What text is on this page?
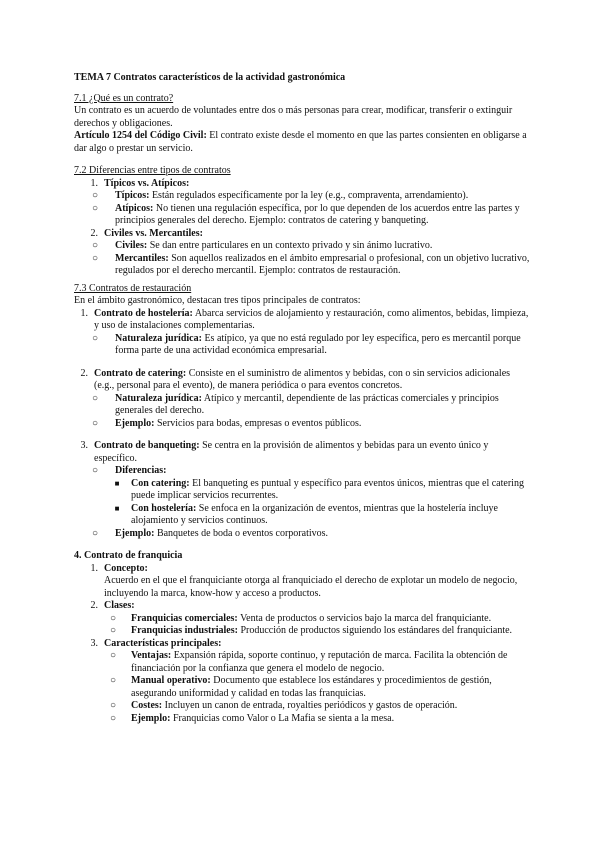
TEMA 7 Contratos característicos de la actividad gastronómica

7.1 ¿Qué es un contrato?

Un contrato es un acuerdo de voluntades entre dos o más personas para crear, modificar, transferir o extinguir derechos y obligaciones.

Artículo 1254 del Código Civil: El contrato existe desde el momento en que las partes consienten en obligarse a dar algo o prestar un servicio.

7.2 Diferencias entre tipos de contratos

1. Típicos vs. Atípicos:
○ Típicos: Están regulados específicamente por la ley (e.g., compraventa, arrendamiento).
○ Atípicos: No tienen una regulación específica, por lo que dependen de los acuerdos entre las partes y principios generales del derecho. Ejemplo: contratos de catering y banqueting.
2. Civiles vs. Mercantiles:
○ Civiles: Se dan entre particulares en un contexto privado y sin ánimo lucrativo.
○ Mercantiles: Son aquellos realizados en el ámbito empresarial o profesional, con un objetivo lucrativo, regulados por el derecho mercantil. Ejemplo: contratos de restauración.

7.3 Contratos de restauración

En el ámbito gastronómico, destacan tres tipos principales de contratos:

1. Contrato de hostelería: Abarca servicios de alojamiento y restauración, como alimentos, bebidas, limpieza, y uso de instalaciones complementarias.
○ Naturaleza jurídica: Es atípico, ya que no está regulado por ley específica, pero es mercantil porque forma parte de una actividad económica empresarial.
2. Contrato de catering: Consiste en el suministro de alimentos y bebidas, con o sin servicios adicionales (e.g., personal para el evento), de manera periódica o para eventos concretos.
○ Naturaleza jurídica: Atípico y mercantil, dependiente de las prácticas comerciales y principios generales del derecho.
○ Ejemplo: Servicios para bodas, empresas o eventos públicos.
3. Contrato de banqueting: Se centra en la provisión de alimentos y bebidas para un evento único y específico.
○ Diferencias:
■ Con catering: El banqueting es puntual y específico para eventos únicos, mientras que el catering puede implicar servicios recurrentes.
■ Con hostelería: Se enfoca en la organización de eventos, mientras que la hostelería incluye alojamiento y servicios continuos.
○ Ejemplo: Banquetes de boda o eventos corporativos.
4. Contrato de franquicia
1. Concepto:
Acuerdo en el que el franquiciante otorga al franquiciado el derecho de explotar un modelo de negocio, incluyendo la marca, know-how y acceso a productos.
2. Clases:
○ Franquicias comerciales: Venta de productos o servicios bajo la marca del franquiciante.
○ Franquicias industriales: Producción de productos siguiendo los estándares del franquiciante.
3. Características principales:
○ Ventajas: Expansión rápida, soporte continuo, y reputación de marca. Facilita la obtención de financiación por la confianza que genera el modelo de negocio.
○ Manual operativo: Documento que establece los estándares y procedimientos de gestión, asegurando uniformidad y calidad en todas las franquicias.
○ Costes: Incluyen un canon de entrada, royalties periódicos y gastos de operación.
○ Ejemplo: Franquicias como Valor o La Mafia se sienta a la mesa.
